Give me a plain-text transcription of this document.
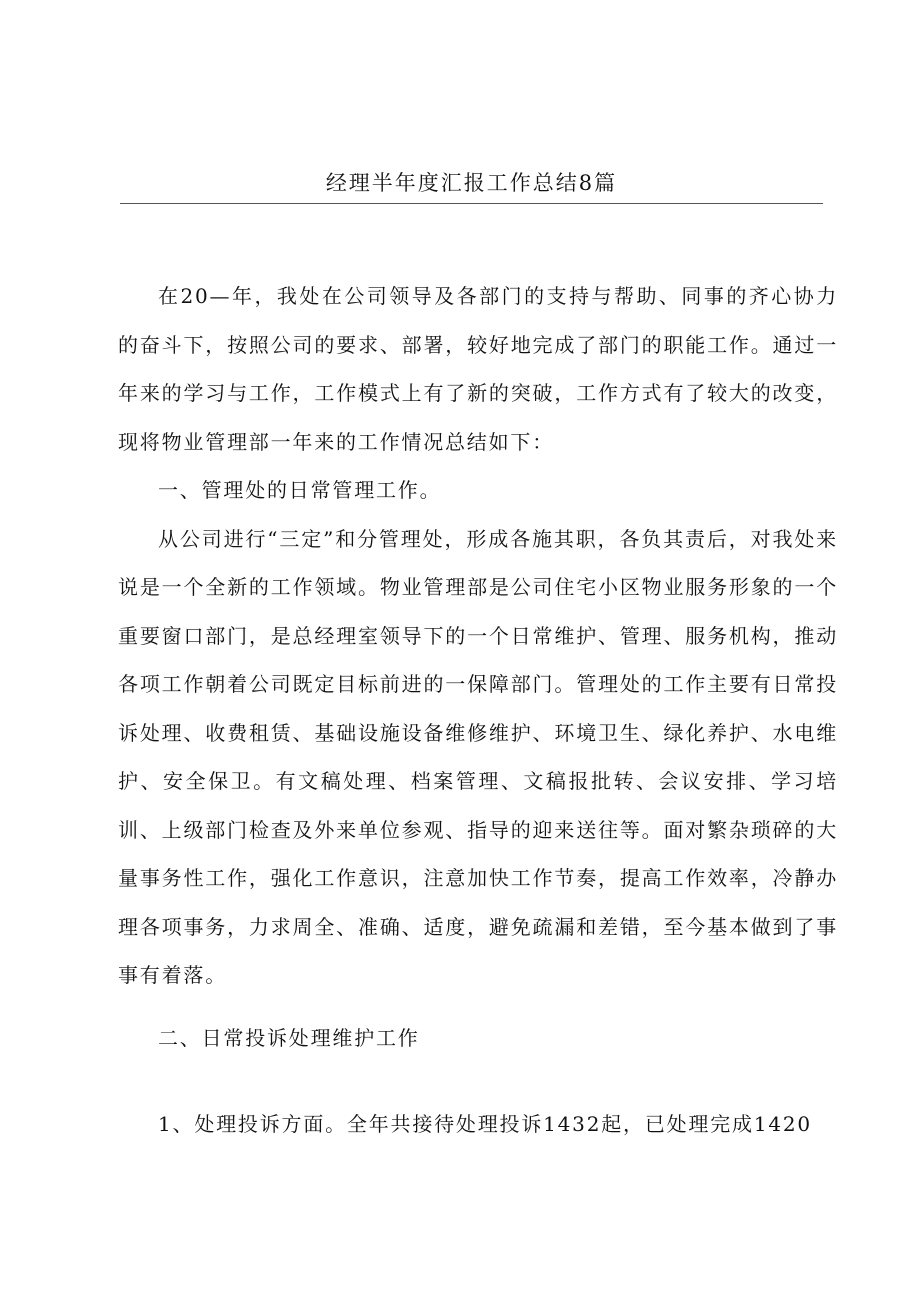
经理半年度汇报工作总结8篇

在20—年，我处在公司领导及各部门的支持与帮助、同事的齐心协力的奋斗下，按照公司的要求、部署，较好地完成了部门的职能工作。通过一年来的学习与工作，工作模式上有了新的突破，工作方式有了较大的改变，现将物业管理部一年来的工作情况总结如下：

一、管理处的日常管理工作。

从公司进行“三定”和分管理处，形成各施其职，各负其责后，对我处来说是一个全新的工作领域。物业管理部是公司住宅小区物业服务形象的一个重要窗口部门，是总经理室领导下的一个日常维护、管理、服务机构，推动各项工作朝着公司既定目标前进的一保障部门。管理处的工作主要有日常投诉处理、收费租赁、基础设施设备维修维护、环境卫生、绿化养护、水电维护、安全保卫。有文稿处理、档案管理、文稿报批转、会议安排、学习培训、上级部门检查及外来单位参观、指导的迎来送往等。面对繁杂琐碎的大量事务性工作，强化工作意识，注意加快工作节奏，提高工作效率，冷静办理各项事务，力求周全、准确、适度，避免疏漏和差错，至今基本做到了事事有着落。

二、日常投诉处理维护工作

1、处理投诉方面。全年共接待处理投诉1432起，已处理完成1420
